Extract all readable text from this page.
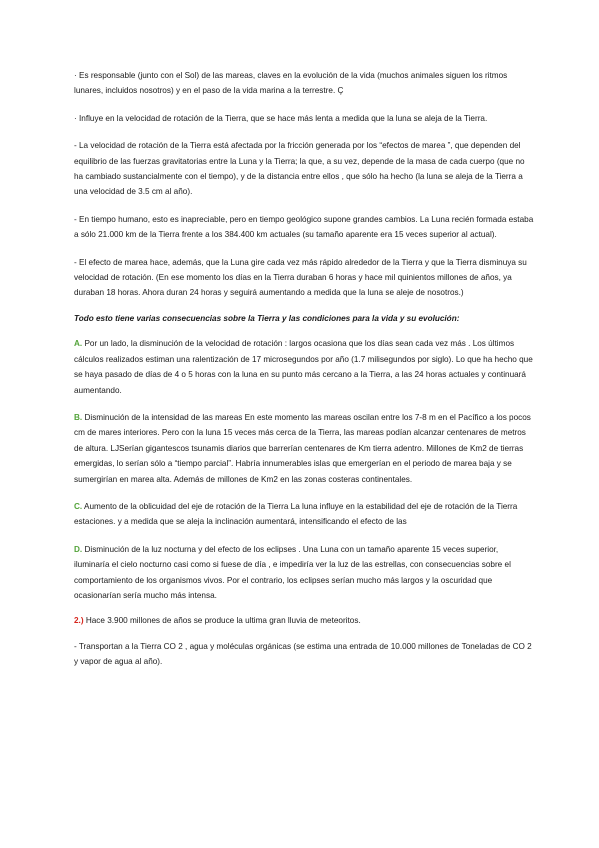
· Es responsable (junto con el Sol) de las mareas, claves en la evolución de la vida (muchos animales siguen los ritmos lunares, incluidos nosotros) y en el paso de la vida marina a la terrestre. Ç

· Influye en la velocidad de rotación de la Tierra, que se hace más lenta a medida que la luna se aleja de la Tierra.

- La velocidad de rotación de la Tierra está afectada por la fricción generada por los “efectos de marea ”, que dependen del equilibrio de las fuerzas gravitatorias entre la Luna y la Tierra; la que, a su vez, depende de la masa de cada cuerpo (que no ha cambiado sustancialmente con el tiempo), y de la distancia entre ellos , que sólo ha hecho (la luna se aleja de la Tierra a una velocidad de 3.5 cm al año).

- En tiempo humano, esto es inapreciable, pero en tiempo geológico supone grandes cambios. La Luna recién formada estaba a sólo 21.000 km de la Tierra frente a los 384.400 km actuales (su tamaño aparente era 15 veces superior al actual).

- El efecto de marea hace, además, que la Luna gire cada vez más rápido alrededor de la Tierra y que la Tierra disminuya su velocidad de rotación. (En ese momento los días en la Tierra duraban 6 horas y hace mil quinientos millones de años, ya duraban 18 horas. Ahora duran 24 horas y seguirá aumentando a medida que la luna se aleje de nosotros.)

Todo esto tiene varias consecuencias sobre la Tierra y las condiciones para la vida y su evolución:

A. Por un lado, la disminución de la velocidad de rotación : largos ocasiona que los días sean cada vez más . Los últimos cálculos realizados estiman una ralentización de 17 microsegundos por año (1.7 milisegundos por siglo). Lo que ha hecho que se haya pasado de días de 4 o 5 horas con la luna en su punto más cercano a la Tierra, a las 24 horas actuales y continuará aumentando.

B. Disminución de la intensidad de las mareas En este momento las mareas oscilan entre los 7-8 m en el Pacífico a los pocos cm de mares interiores. Pero con la luna 15 veces más cerca de la Tierra, las mareas podían alcanzar centenares de metros de altura. LJSerían gigantescos tsunamis diarios que barrerían centenares de Km tierra adentro. Millones de Km2 de tierras emergidas, lo serían sólo a “tiempo parcial”. Habría innumerables islas que emergerían en el periodo de marea baja y se sumergirían en marea alta. Además de millones de Km2 en las zonas costeras continentales.

C. Aumento de la oblicuidad del eje de rotación de la Tierra La luna influye en la estabilidad del eje de rotación de la Tierra estaciones. y a medida que se aleja la inclinación aumentará, intensificando el efecto de las

D. Disminución de la luz nocturna y del efecto de los eclipses . Una Luna con un tamaño aparente 15 veces superior, iluminaría el cielo nocturno casi como si fuese de día , e impediría ver la luz de las estrellas, con consecuencias sobre el comportamiento de los organismos vivos. Por el contrario, los eclipses serían mucho más largos y la oscuridad que ocasionarían sería mucho más intensa.

2.) Hace 3.900 millones de años se produce la ultima gran lluvia de meteoritos.

- Transportan a la Tierra CO 2 , agua y moléculas orgánicas (se estima una entrada de 10.000 millones de Toneladas de CO 2 y vapor de agua al año).
